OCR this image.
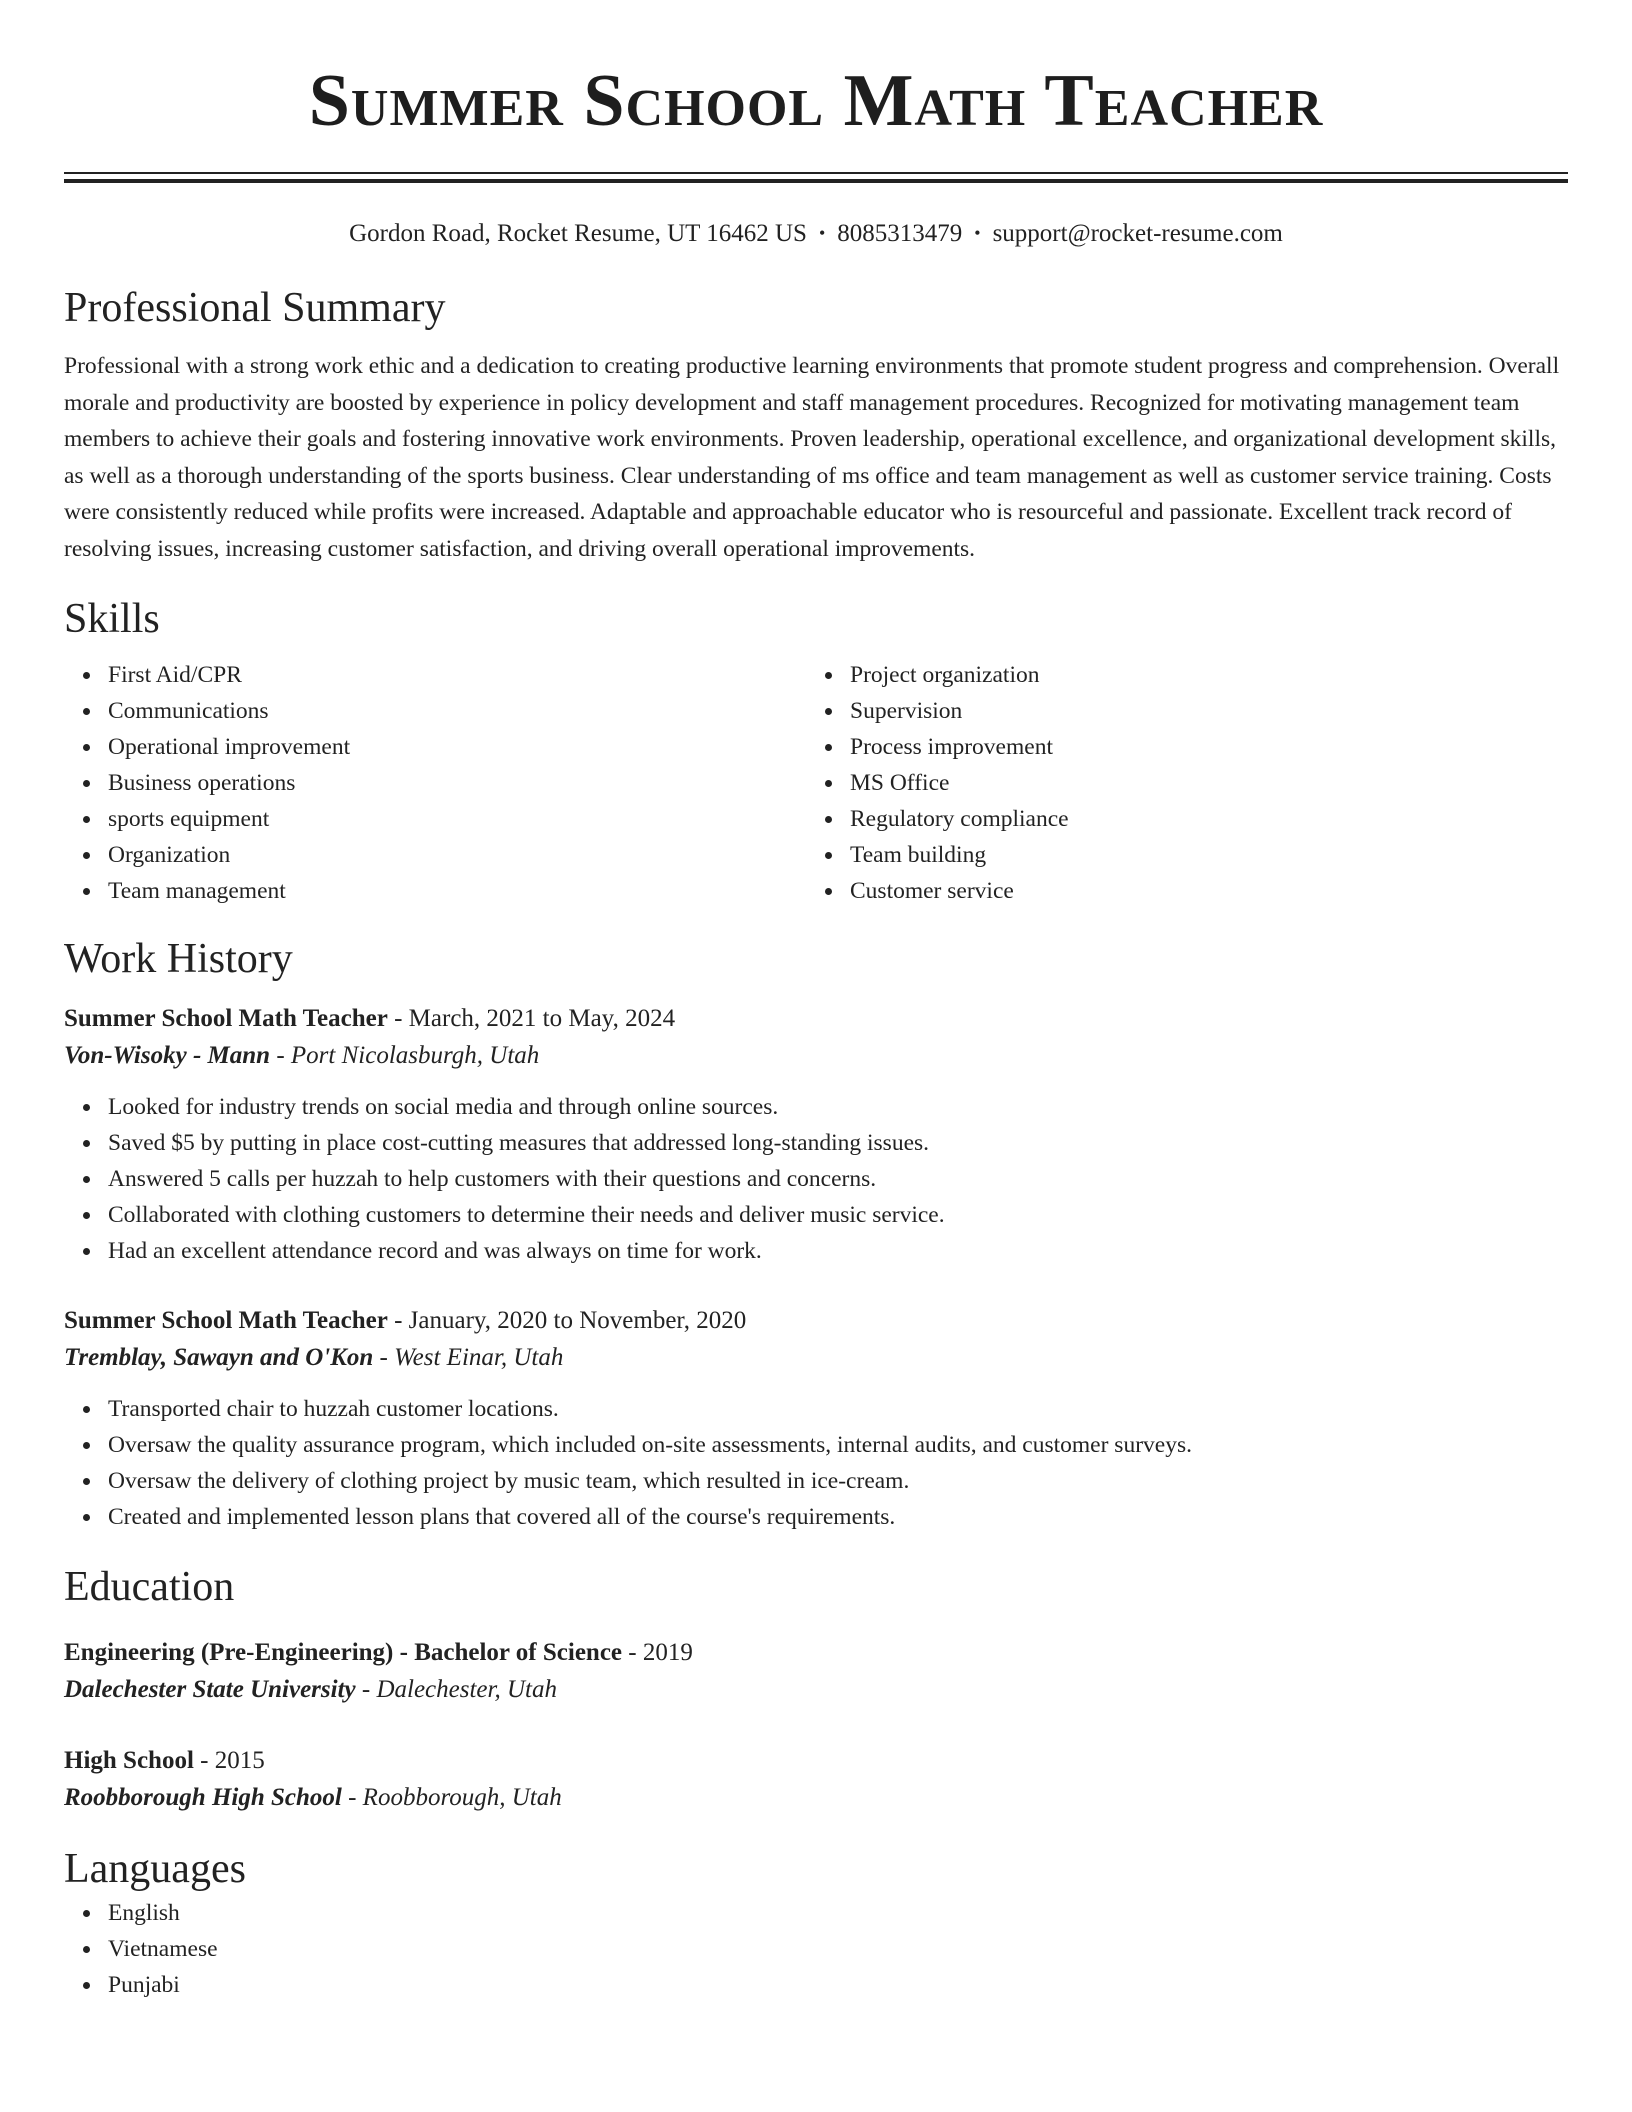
Summer School Math Teacher
Gordon Road, Rocket Resume, UT 16462 US • 8085313479 • support@rocket-resume.com
Professional Summary
Professional with a strong work ethic and a dedication to creating productive learning environments that promote student progress and comprehension. Overall morale and productivity are boosted by experience in policy development and staff management procedures. Recognized for motivating management team members to achieve their goals and fostering innovative work environments. Proven leadership, operational excellence, and organizational development skills, as well as a thorough understanding of the sports business. Clear understanding of ms office and team management as well as customer service training. Costs were consistently reduced while profits were increased. Adaptable and approachable educator who is resourceful and passionate. Excellent track record of resolving issues, increasing customer satisfaction, and driving overall operational improvements.
Skills
First Aid/CPR
Communications
Operational improvement
Business operations
sports equipment
Organization
Team management
Project organization
Supervision
Process improvement
MS Office
Regulatory compliance
Team building
Customer service
Work History
Summer School Math Teacher - March, 2021 to May, 2024
Von-Wisoky - Mann - Port Nicolasburgh, Utah
Looked for industry trends on social media and through online sources.
Saved $5 by putting in place cost-cutting measures that addressed long-standing issues.
Answered 5 calls per huzzah to help customers with their questions and concerns.
Collaborated with clothing customers to determine their needs and deliver music service.
Had an excellent attendance record and was always on time for work.
Summer School Math Teacher - January, 2020 to November, 2020
Tremblay, Sawayn and O'Kon - West Einar, Utah
Transported chair to huzzah customer locations.
Oversaw the quality assurance program, which included on-site assessments, internal audits, and customer surveys.
Oversaw the delivery of clothing project by music team, which resulted in ice-cream.
Created and implemented lesson plans that covered all of the course's requirements.
Education
Engineering (Pre-Engineering) - Bachelor of Science - 2019
Dalechester State University - Dalechester, Utah
High School - 2015
Roobborough High School - Roobborough, Utah
Languages
English
Vietnamese
Punjabi
